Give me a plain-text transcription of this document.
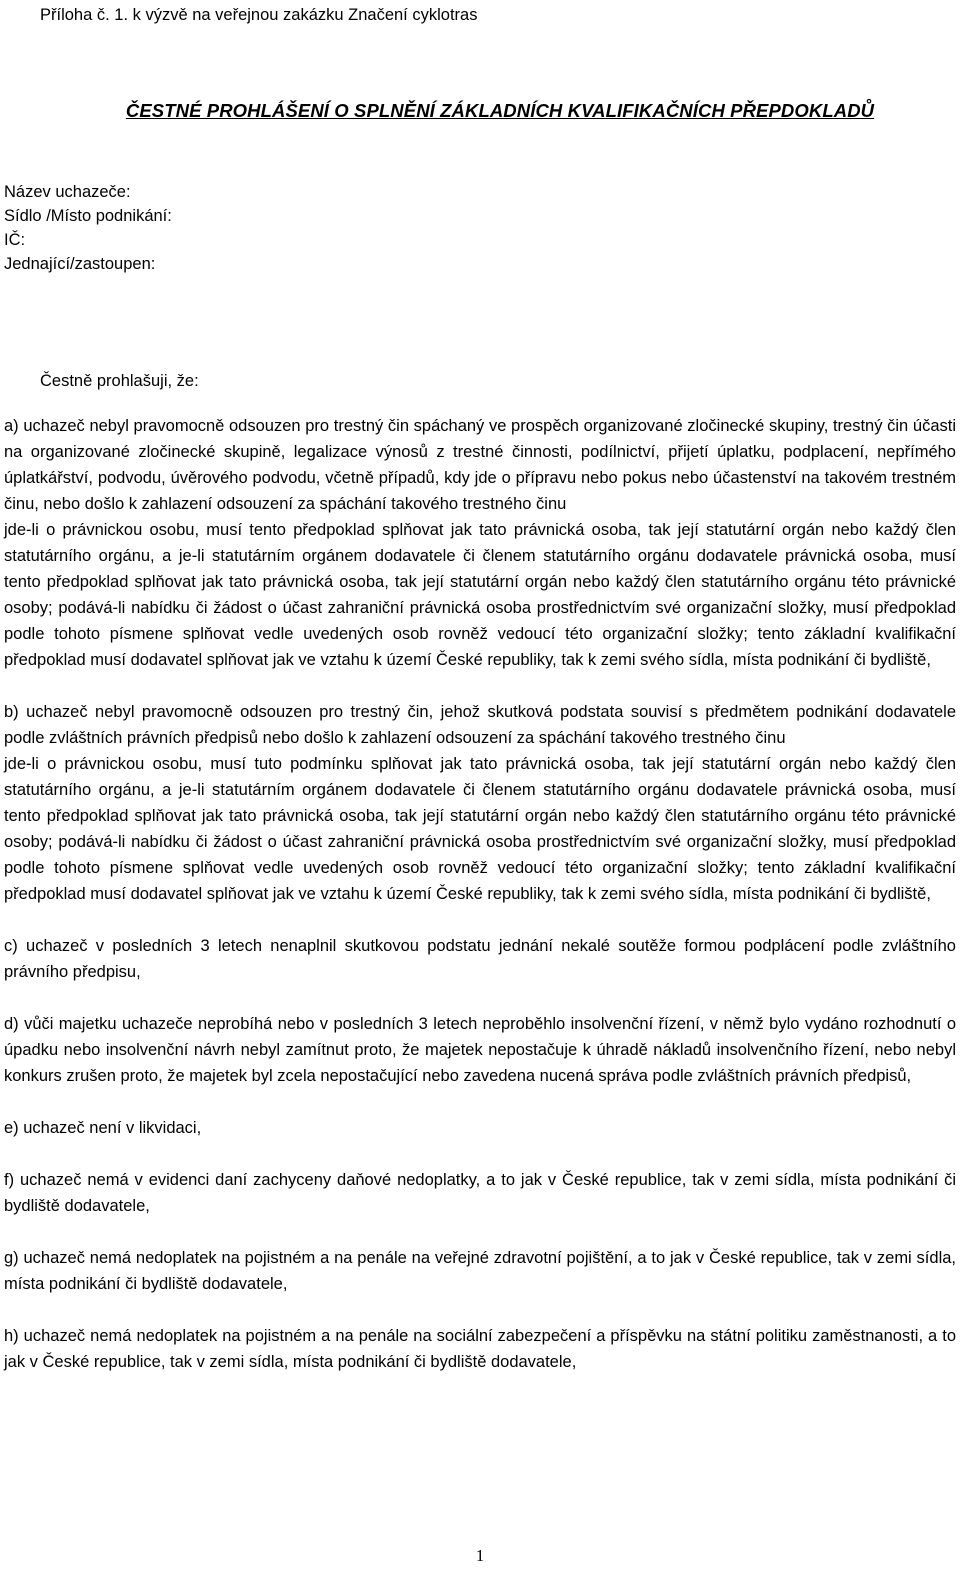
Příloha č. 1. k výzvě na veřejnou zakázku Značení cyklotras
ČESTNÉ PROHLÁŠENÍ O SPLNĚNÍ ZÁKLADNÍCH KVALIFIKAČNÍCH PŘEPDOKLADŮ
Název uchazeče:
Sídlo /Místo podnikání:
IČ:
Jednající/zastoupen:
Čestně prohlašuji, že:

a) uchazeč nebyl pravomocně odsouzen pro trestný čin spáchaný ve prospěch organizované zločinecké skupiny, trestný čin účasti na organizované zločinecké skupině, legalizace výnosů z trestné činnosti, podílnictví, přijetí úplatku, podplacení, nepřímého úplatkářství, podvodu, úvěrového podvodu, včetně případů, kdy jde o přípravu nebo pokus nebo účastenství na takovém trestném činu, nebo došlo k zahlazení odsouzení za spáchání takového trestného činu

jde-li o právnickou osobu, musí tento předpoklad splňovat jak tato právnická osoba, tak její statutární orgán nebo každý člen statutárního orgánu, a je-li statutárním orgánem dodavatele či členem statutárního orgánu dodavatele právnická osoba, musí tento předpoklad splňovat jak tato právnická osoba, tak její statutární orgán nebo každý člen statutárního orgánu této právnické osoby; podává-li nabídku či žádost o účast zahraniční právnická osoba prostřednictvím své organizační složky, musí předpoklad podle tohoto písmene splňovat vedle uvedených osob rovněž vedoucí této organizační složky; tento základní kvalifikační předpoklad musí dodavatel splňovat jak ve vztahu k území České republiky, tak k zemi svého sídla, místa podnikání či bydliště,

b) uchazeč nebyl pravomocně odsouzen pro trestný čin, jehož skutková podstata souvisí s předmětem podnikání dodavatele podle zvláštních právních předpisů nebo došlo k zahlazení odsouzení za spáchání takového trestného činu

jde-li o právnickou osobu, musí tuto podmínku splňovat jak tato právnická osoba, tak její statutární orgán nebo každý člen statutárního orgánu, a je-li statutárním orgánem dodavatele či členem statutárního orgánu dodavatele právnická osoba, musí tento předpoklad splňovat jak tato právnická osoba, tak její statutární orgán nebo každý člen statutárního orgánu této právnické osoby; podává-li nabídku či žádost o účast zahraniční právnická osoba prostřednictvím své organizační složky, musí předpoklad podle tohoto písmene splňovat vedle uvedených osob rovněž vedoucí této organizační složky; tento základní kvalifikační předpoklad musí dodavatel splňovat jak ve vztahu k území České republiky, tak k zemi svého sídla, místa podnikání či bydliště,

c) uchazeč v posledních 3 letech nenaplnil skutkovou podstatu jednání nekalé soutěže formou podplácení podle zvláštního právního předpisu,

d) vůči majetku uchazeče neprobíhá nebo v posledních 3 letech neproběhlo insolvenční řízení, v němž bylo vydáno rozhodnutí o úpadku nebo insolvenční návrh nebyl zamítnut proto, že majetek nepostačuje k úhradě nákladů insolvenčního řízení, nebo nebyl konkurs zrušen proto, že majetek byl zcela nepostačující nebo zavedena nucená správa podle zvláštních právních předpisů,

e) uchazeč není v likvidaci,

f) uchazeč nemá v evidenci daní zachyceny daňové nedoplatky, a to jak v České republice, tak v zemi sídla, místa podnikání či bydliště dodavatele,

g) uchazeč nemá nedoplatek na pojistném a na penále na veřejné zdravotní pojištění, a to jak v České republice, tak v zemi sídla, místa podnikání či bydliště dodavatele,

h) uchazeč nemá nedoplatek na pojistném a na penále na sociální zabezpečení a příspěvku na státní politiku zaměstnanosti, a to jak v České republice, tak v zemi sídla, místa podnikání či bydliště dodavatele,

1
